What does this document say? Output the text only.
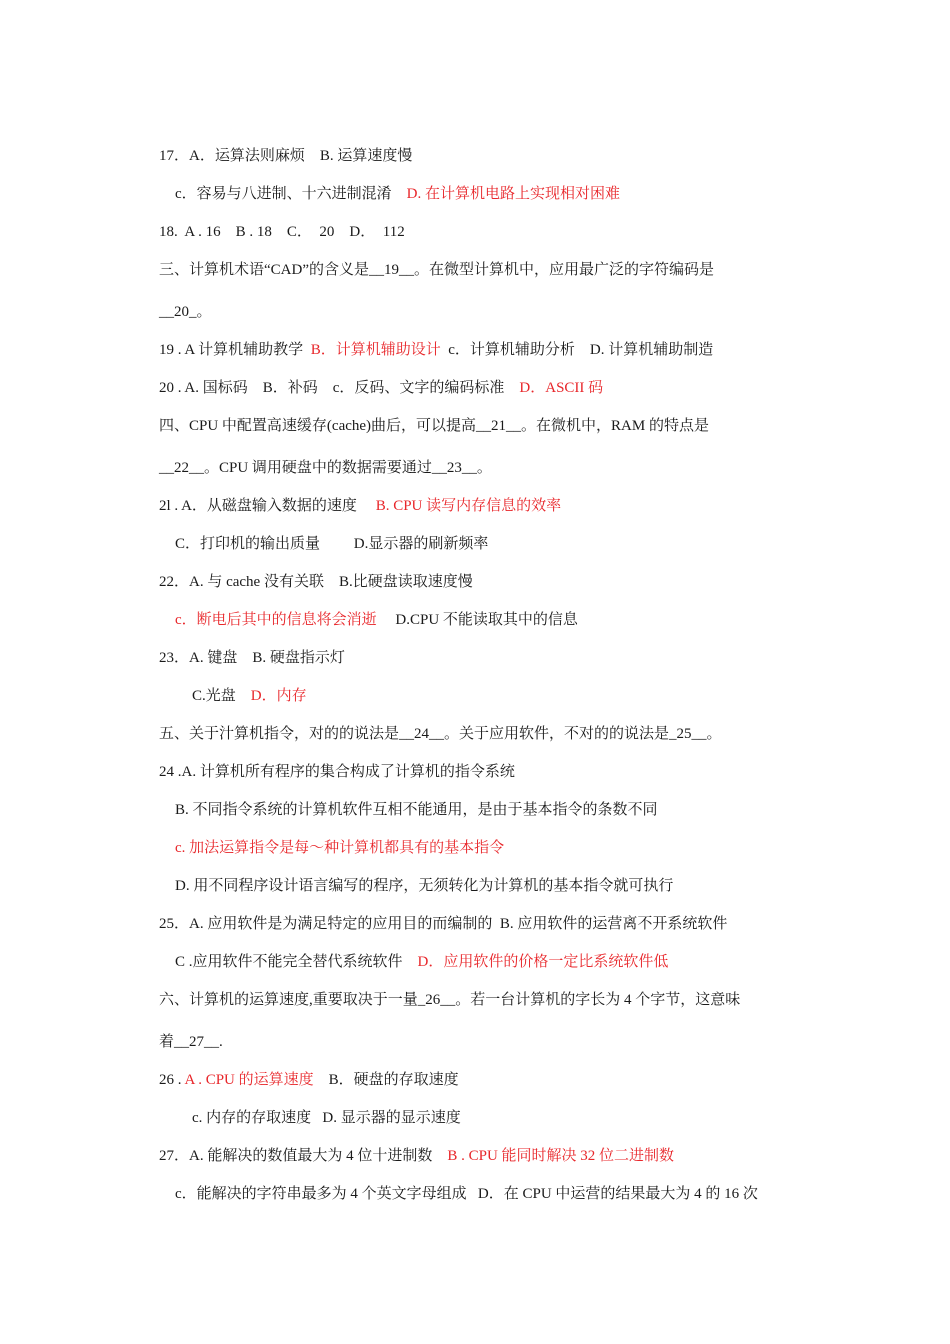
17．A．运算法则麻烦　B. 运算速度慢

c．容易与八进制、十六进制混淆　D. 在计算机电路上实现相对困难

18.  A . 16    B . 18    C．  20    D．  112

三、计算机术语“CAD”的含义是__19__。在微型计算机中，应用最广泛的字符编码是

__20_。

19 . A 计算机辅助教学  B．计算机辅助设计  c．计算机辅助分析　D. 计算机辅助制造

20 . A. 国标码　B．补码　c．反码、文字的编码标准　D．ASCII 码

四、CPU 中配置高速缓存(cache)曲后，可以提高__21__。在微机中，RAM 的特点是

__22__。CPU 调用硬盘中的数据需要通过__23__。

2l . A．从磁盘输入数据的速度　 B. CPU 读写内存信息的效率

C．打印机的输出质量　　 D.显示器的刷新频率

22．A. 与 cache 没有关联　B.比硬盘读取速度慢

c．断电后其中的信息将会消逝　 D.CPU 不能读取其中的信息

23．A. 键盘　B. 硬盘指示灯

C.光盘　D．内存

五、关于汁算机指令，对的的说法是__24__。关于应用软件，不对的的说法是_25__。

24 .A. 计算机所有程序的集合构成了计算机的指令系统

B. 不同指令系统的计算机软件互相不能通用，是由于基本指令的条数不同

c. 加法运算指令是每～种计算机都具有的基本指令

D. 用不同程序设计语言编写的程序，无须转化为计算机的基本指令就可执行

25．A. 应用软件是为满足特定的应用目的而编制的  B. 应用软件的运营离不开系统软件

C .应用软件不能完全替代系统软件　D．应用软件的价格一定比系统软件低

六、计算机的运算速度,重要取决于一量_26__。若一台计算机的字长为 4 个字节，这意味

着__27__.

26 . A . CPU 的运算速度　B．硬盘的存取速度

c. 内存的存取速度   D. 显示器的显示速度

27．A. 能解决的数值最大为 4 位十进制数　B . CPU 能同时解决 32 位二进制数

c．能解决的字符串最多为 4 个英文字母组成   D．在 CPU 中运营的结果最大为 4 的 16 次
